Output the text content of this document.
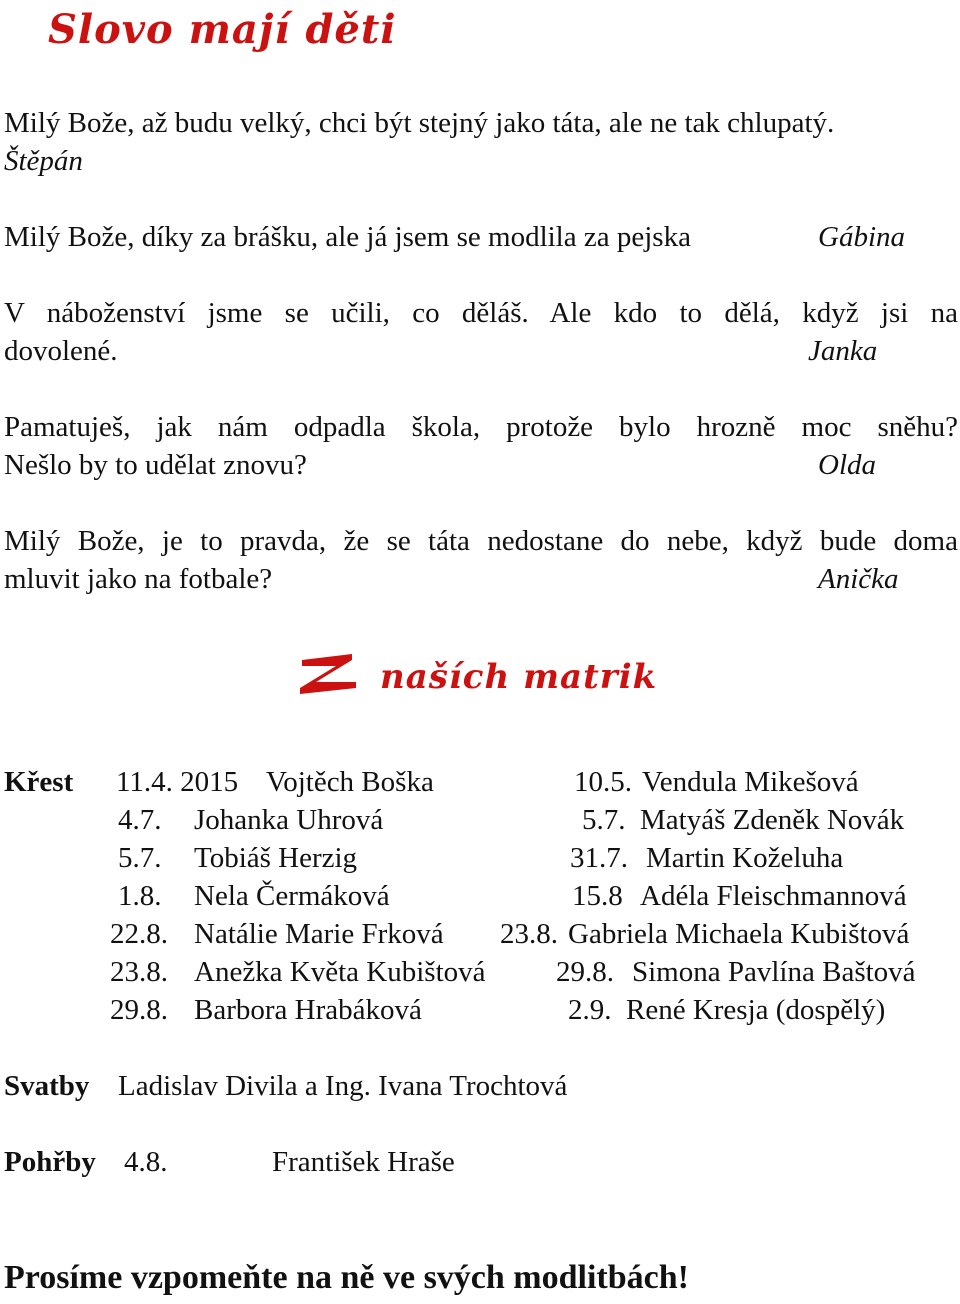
Slovo mají děti
Milý Bože, až budu velký, chci být stejný jako táta, ale ne tak chlupatý.
Štěpán
Milý Bože, díky za brášku, ale já jsem se modlila za pejska	Gábina
V náboženství jsme se učili, co děláš. Ale kdo to dělá, když jsi na
dovolené.	Janka
Pamatuješ, jak nám odpadla škola, protože bylo hrozně moc sněhu?
Nešlo by to udělat znovu?	Olda
Milý Bože, je to pravda, že se táta nedostane do nebe, když bude doma
mluvit jako na fotbale?	Anička
naších matrik
Křest 11.4. 2015 Vojtěch Boška	10.5. Vendula Mikešová
4.7. Johanka Uhrová	5.7. Matyáš Zdeněk Novák
5.7. Tobiáš Herzig	31.7. Martin Koželuha
1.8. Nela Čermáková	15.8 Adéla Fleischmannová
22.8. Natálie Marie Frková 23.8. Gabriela Michaela Kubištová
23.8. Anežka Květa Kubištová 29.8. Simona Pavlína Baštová
29.8. Barbora Hrabáková	2.9. René Kresja (dospělý)
Svatby Ladislav Divila a Ing. Ivana Trochtová
Pohřby 4.8.	František Hraše
Prosíme vzpomeňte na ně ve svých modlitbách!
